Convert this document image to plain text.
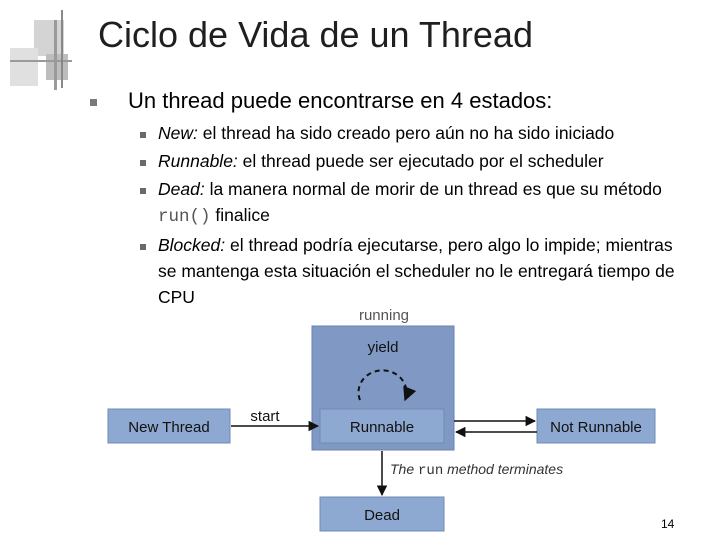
Ciclo de Vida de un Thread
Un thread puede encontrarse en 4 estados:
New: el thread ha sido creado pero aún no ha sido iniciado
Runnable: el thread puede ser ejecutado por el scheduler
Dead: la manera normal de morir de un thread es que su método run() finalice
Blocked: el thread podría ejecutarse, pero algo lo impide; mientras se mantenga esta situación el scheduler no le entregará tiempo de CPU
running
yield
New Thread	Runnable	Not Runnable
Dead
start
The run method terminates
14
